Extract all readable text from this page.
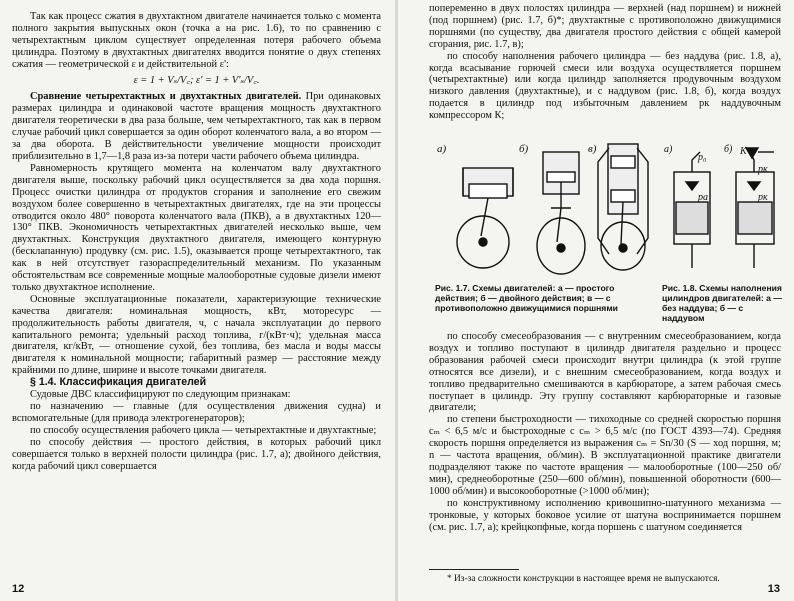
Так как процесс сжатия в двухтактном двигателе начинается только с момента полного закрытия выпускных окон (точка а на рис. 1.6), то по сравнению с четырехтактным циклом существует определенная потеря рабочего объема цилиндра. Поэтому в двухтактных двигателях вводится понятие о двух степенях сжатия — геометрической ε и действительной ε':

ε = 1 + Vₛ/V꜀; ε' = 1 + V'ₛ/V꜀.

Сравнение четырехтактных и двухтактных двигателей. При одинаковых размерах цилиндра и одинаковой частоте вращения мощность двухтактного двигателя теоретически в два раза больше, чем четырехтактного, так как в первом случае рабочий цикл совершается за один оборот коленчатого вала, а во втором — за два оборота. В действительности увеличение мощности происходит приблизительно в 1,7—1,8 раза из-за потери части рабочего объема цилиндра.

Равномерность крутящего момента на коленчатом валу двухтактного двигателя выше, поскольку рабочий цикл осуществляется за два хода поршня. Процесс очистки цилиндра от продуктов сгорания и заполнение его свежим воздухом более совершенно в четырехтактных двигателях, где на эти процессы отводится около 480° поворота коленчатого вала (ПКВ), а в двухтактных 120—130° ПКВ. Экономичность четырехтактных двигателей несколько выше, чем двухтактных. Конструкция двухтактного двигателя, имеющего контурную (бесклапанную) продувку (см. рис. 1.5), оказывается проще четырехтактного, так как в ней отсутствует газораспределительный механизм. По указанным обстоятельствам все современные мощные малооборотные судовые дизели имеют только двухтактное исполнение.

Основные эксплуатационные показатели, характеризующие технические качества двигателя: номинальная мощность, кВт, моторесурс — продолжительность работы двигателя, ч, с начала эксплуатации до первого капитального ремонта; удельный расход топлива, г/(кВт·ч); удельная масса двигателя, кг/кВт, — отношение сухой, без топлива, без масла и воды массы двигателя к номинальной мощности; габаритный размер — расстояние между крайними по длине, ширине и высоте точками двигателя.

§ 1.4. Классификация двигателей

Судовые ДВС классифицируют по следующим признакам:

по назначению — главные (для осуществления движения судна) и вспомогательные (для привода электрогенераторов);

по способу осуществления рабочего цикла — четырехтактные и двухтактные;

по способу действия — простого действия, в которых рабочий цикл совершается только в верхней полости цилиндра (рис. 1.7, а); двойного действия, когда рабочий цикл совершается

12

попеременно в двух полостях цилиндра — верхней (над поршнем) и нижней (под поршнем) (рис. 1.7, б)*; двухтактные с противоположно движущимися поршнями (по существу, два двигателя простого действия с общей камерой сгорания, рис. 1.7, в);

по способу наполнения рабочего цилиндра — без наддува (рис. 1.8, а), когда всасывание горючей смеси или воздуха осуществляется поршнем (четырехтактные) или когда цилиндр заполняется продувочным воздухом низкого давления (двухтактные), и с наддувом (рис. 1.8, б), когда воздух подается в цилиндр под избыточным давлением pк наддувочным компрессором К;

а)	б)	в)	а)	б)
p₀
pк
pа	pк
K
Рис. 1.7. Схемы двигателей: а — простого действия; б — двойного действия; в — с противоположно движущимися поршнями
Рис. 1.8. Схемы наполнения цилиндров двигателей: а — без наддува; б — с наддувом

по способу смесеобразования — с внутренним смесеобразованием, когда воздух и топливо поступают в цилиндр двигателя раздельно и процесс образования рабочей смеси происходит внутри цилиндра (к этой группе относятся все дизели), и с внешним смесеобразованием, когда воздух и топливо предварительно смешиваются в карбюраторе, а затем рабочая смесь поступает в цилиндр. Эту группу составляют карбюраторные и газовые двигатели;

по степени быстроходности — тихоходные со средней скоростью поршня cₘ < 6,5 м/с и быстроходные с cₘ > 6,5 м/с (по ГОСТ 4393—74). Средняя скорость поршня определяется из выражения cₘ = Sn/30 (S — ход поршня, м; n — частота вращения, об/мин). В эксплуатационной практике двигатели подразделяют также по частоте вращения — малооборотные (100—250 об/мин), среднеоборотные (250—600 об/мин), повышенной оборотности (600—1000 об/мин) и высокооборотные (>1000 об/мин);

по конструктивному исполнению кривошипно-шатунного механизма — тронковые, у которых боковое усилие от шатуна воспринимается поршнем (см. рис. 1.7, а); крейцкопфные, когда поршень с шатуном соединяется

* Из-за сложности конструкции в настоящее время не выпускаются.
13
